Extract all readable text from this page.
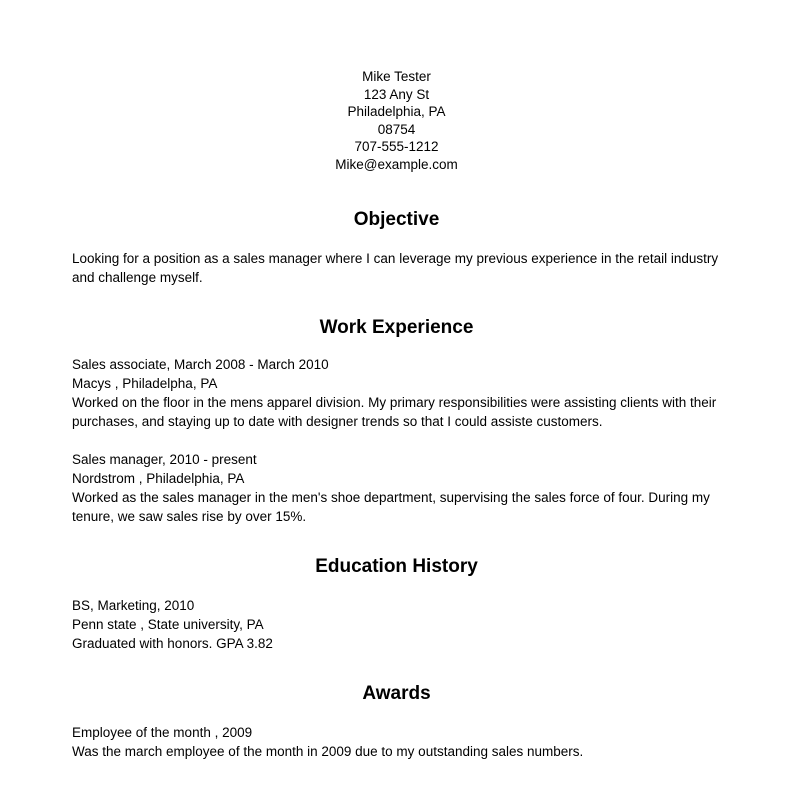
Mike Tester
123 Any St
Philadelphia, PA
08754
707-555-1212
Mike@example.com
Objective

Looking for a position as a sales manager where I can leverage my previous experience in the retail industry and challenge myself.

Work Experience
Sales associate, March 2008 - March 2010
Macys , Philadelpha, PA
Worked on the floor in the mens apparel division. My primary responsibilities were assisting clients with their purchases, and staying up to date with designer trends so that I could assiste customers.
Sales manager, 2010 - present
Nordstrom , Philadelphia, PA
Worked as the sales manager in the men's shoe department, supervising the sales force of four. During my tenure, we saw sales rise by over 15%.
Education History
BS, Marketing, 2010
Penn state , State university, PA
Graduated with honors. GPA 3.82
Awards
Employee of the month , 2009
Was the march employee of the month in 2009 due to my outstanding sales numbers.
